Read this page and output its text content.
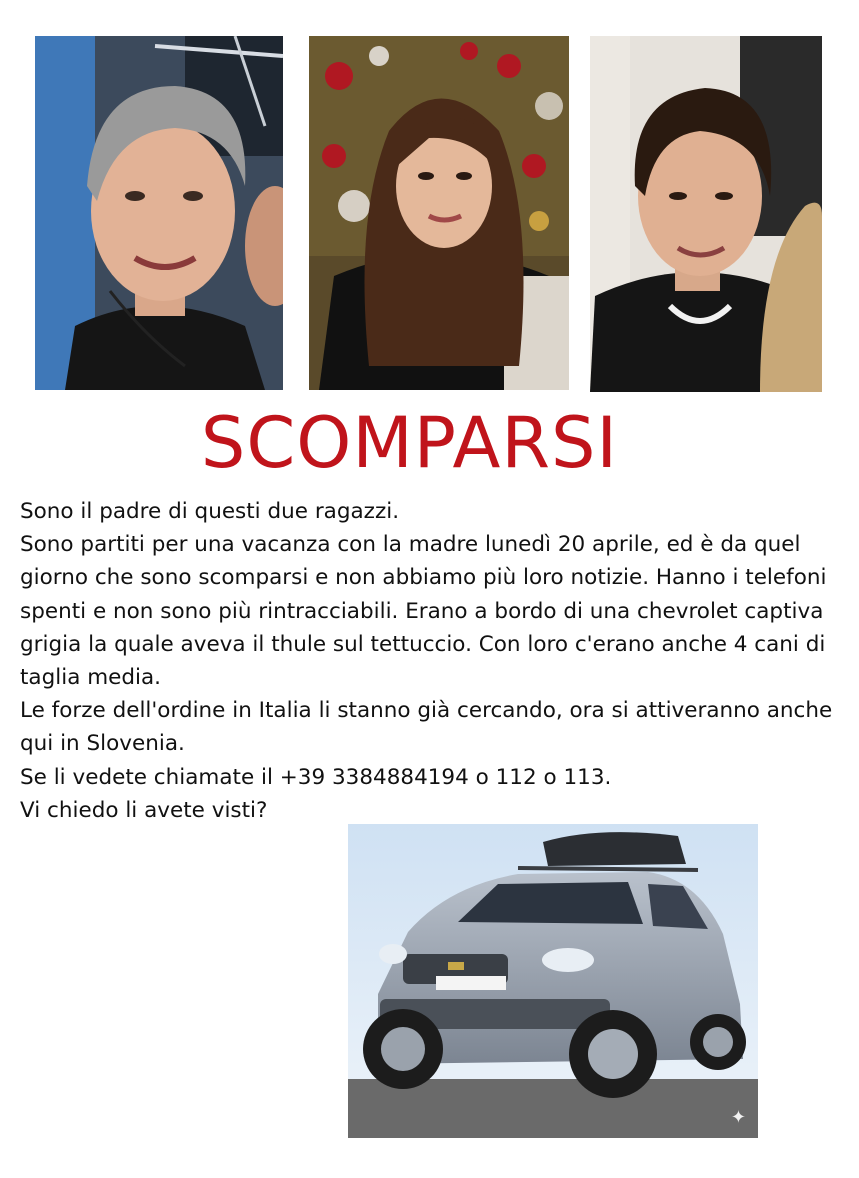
SCOMPARSI

Sono il padre di questi due ragazzi.

Sono partiti per una vacanza con la madre lunedì 20 aprile, ed è da quel giorno che sono scomparsi e non abbiamo più loro notizie. Hanno i telefoni spenti e non sono più rintracciabili. Erano a bordo di una chevrolet captiva grigia la quale aveva il thule sul tettuccio. Con loro c'erano anche 4 cani di taglia media.

Le forze dell'ordine in Italia li stanno già cercando, ora si attiveranno anche qui in Slovenia.

Se li vedete chiamate il +39 3384884194 o 112 o 113.

Vi chiedo li avete visti?

✦
